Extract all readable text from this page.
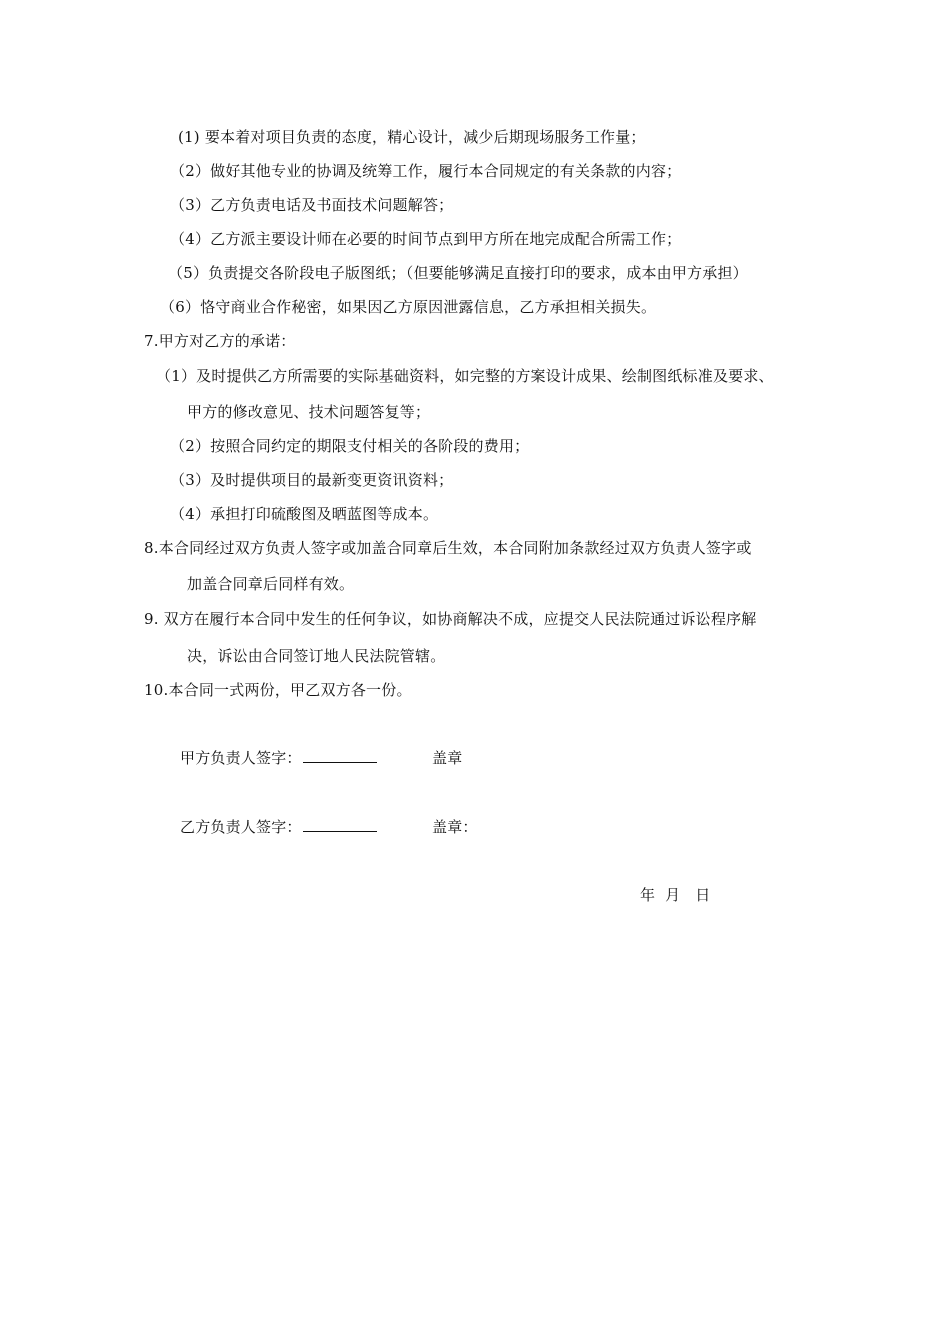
(1) 要本着对项目负责的态度，精心设计，减少后期现场服务工作量；
（2）做好其他专业的协调及统筹工作，履行本合同规定的有关条款的内容；
（3）乙方负责电话及书面技术问题解答；
（4）乙方派主要设计师在必要的时间节点到甲方所在地完成配合所需工作；
（5）负责提交各阶段电子版图纸；（但要能够满足直接打印的要求，成本由甲方承担）
（6）恪守商业合作秘密，如果因乙方原因泄露信息，乙方承担相关损失。
7.甲方对乙方的承诺：
（1）及时提供乙方所需要的实际基础资料，如完整的方案设计成果、绘制图纸标准及要求、
甲方的修改意见、技术问题答复等；
（2）按照合同约定的期限支付相关的各阶段的费用；
（3）及时提供项目的最新变更资讯资料；
（4）承担打印硫酸图及晒蓝图等成本。
8.本合同经过双方负责人签字或加盖合同章后生效，本合同附加条款经过双方负责人签字或
加盖合同章后同样有效。
9. 双方在履行本合同中发生的任何争议，如协商解决不成，应提交人民法院通过诉讼程序解
决，诉讼由合同签订地人民法院管辖。
10.本合同一式两份，甲乙双方各一份。
甲方负责人签字：	盖章
乙方负责人签字：	盖章：
年  月   日
